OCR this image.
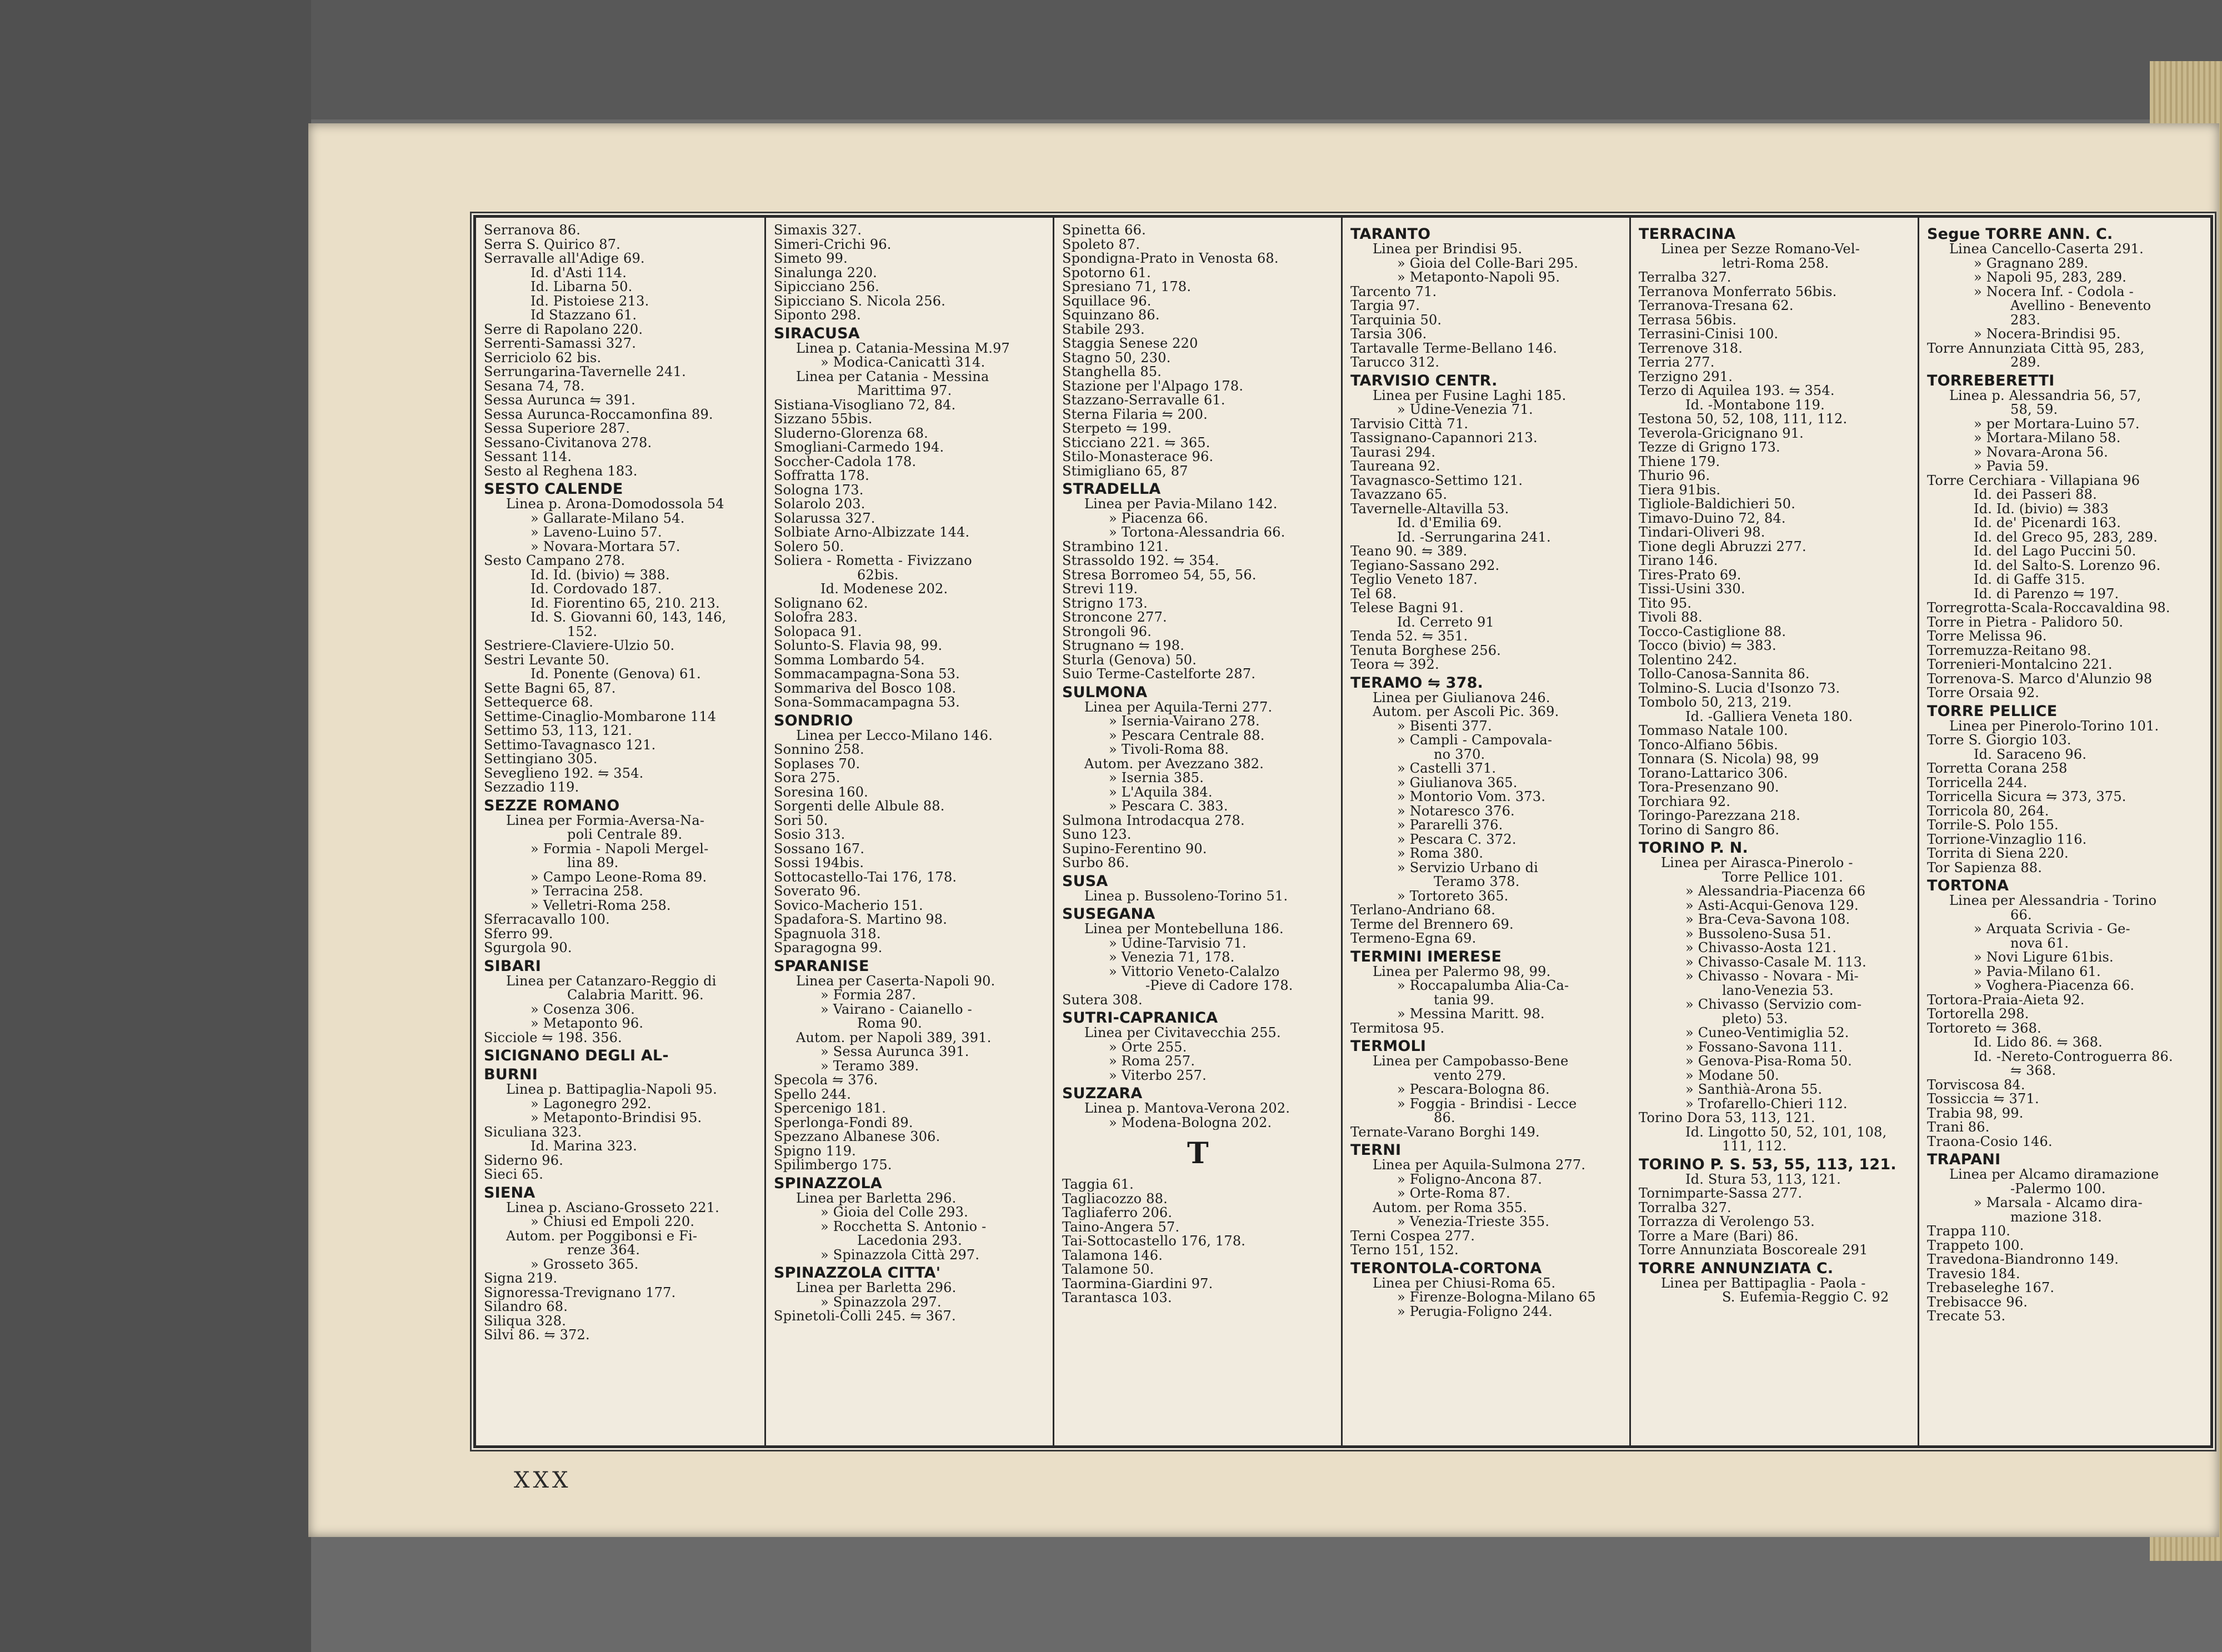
Serranova 86.
Serra S. Quirico 87.
Serravalle all'Adige 69.
Id. d'Asti 114.
Id. Libarna 50.
Id. Pistoiese 213.
Id Stazzano 61.
Serre di Rapolano 220.
Serrenti-Samassi 327.
Serriciolo 62 bis.
Serrungarina-Tavernelle 241.
Sesana 74, 78.
Sessa Aurunca ⇋ 391.
Sessa Aurunca-Roccamonfina 89.
Sessa Superiore 287.
Sessano-Civitanova 278.
Sessant 114.
Sesto al Reghena 183.
SESTO CALENDE
Linea p. Arona-Domodossola 54
» Gallarate-Milano 54.
» Laveno-Luino 57.
» Novara-Mortara 57.
Sesto Campano 278.
Id. Id. (bivio) ⇋ 388.
Id. Cordovado 187.
Id. Fiorentino 65, 210. 213.
Id. S. Giovanni 60, 143, 146,
152.
Sestriere-Claviere-Ulzio 50.
Sestri Levante 50.
Id. Ponente (Genova) 61.
Sette Bagni 65, 87.
Settequerce 68.
Settime-Cinaglio-Mombarone 114
Settimo 53, 113, 121.
Settimo-Tavagnasco 121.
Settingiano 305.
Seveglieno 192. ⇋ 354.
Sezzadio 119.
SEZZE ROMANO
Linea per Formia-Aversa-Na-
poli Centrale 89.
» Formia - Napoli Mergel-
lina 89.
» Campo Leone-Roma 89.
» Terracina 258.
» Velletri-Roma 258.
Sferracavallo 100.
Sferro 99.
Sgurgola 90.
SIBARI
Linea per Catanzaro-Reggio di
Calabria Maritt. 96.
» Cosenza 306.
» Metaponto 96.
Sicciole ⇋ 198. 356.
SICIGNANO DEGLI AL-
BURNI
Linea p. Battipaglia-Napoli 95.
» Lagonegro 292.
» Metaponto-Brindisi 95.
Siculiana 323.
Id. Marina 323.
Siderno 96.
Sieci 65.
SIENA
Linea p. Asciano-Grosseto 221.
» Chiusi ed Empoli 220.
Autom. per Poggibonsi e Fi-
renze 364.
» Grosseto 365.
Signa 219.
Signoressa-Trevignano 177.
Silandro 68.
Siliqua 328.
Silvi 86. ⇋ 372.
Simaxis 327.
Simeri-Crichi 96.
Simeto 99.
Sinalunga 220.
Sipicciano 256.
Sipicciano S. Nicola 256.
Siponto 298.
SIRACUSA
Linea p. Catania-Messina M.97
» Modica-Canicattì 314.
Linea per Catania - Messina
Marittima 97.
Sistiana-Visogliano 72, 84.
Sizzano 55bis.
Sluderno-Glorenza 68.
Smogliani-Carmedo 194.
Soccher-Cadola 178.
Soffratta 178.
Sologna 173.
Solarolo 203.
Solarussa 327.
Solbiate Arno-Albizzate 144.
Solero 50.
Soliera - Rometta - Fivizzano
62bis.
Id. Modenese 202.
Solignano 62.
Solofra 283.
Solopaca 91.
Solunto-S. Flavia 98, 99.
Somma Lombardo 54.
Sommacampagna-Sona 53.
Sommariva del Bosco 108.
Sona-Sommacampagna 53.
SONDRIO
Linea per Lecco-Milano 146.
Sonnino 258.
Soplases 70.
Sora 275.
Soresina 160.
Sorgenti delle Albule 88.
Sori 50.
Sosio 313.
Sossano 167.
Sossi 194bis.
Sottocastello-Tai 176, 178.
Soverato 96.
Sovico-Macherio 151.
Spadafora-S. Martino 98.
Spagnuola 318.
Sparagogna 99.
SPARANISE
Linea per Caserta-Napoli 90.
» Formia 287.
» Vairano - Caianello -
Roma 90.
Autom. per Napoli 389, 391.
» Sessa Aurunca 391.
» Teramo 389.
Specola ⇋ 376.
Spello 244.
Spercenigo 181.
Sperlonga-Fondi 89.
Spezzano Albanese 306.
Spigno 119.
Spilimbergo 175.
SPINAZZOLA
Linea per Barletta 296.
» Gioia del Colle 293.
» Rocchetta S. Antonio -
Lacedonia 293.
» Spinazzola Città 297.
SPINAZZOLA CITTA'
Linea per Barletta 296.
» Spinazzola 297.
Spinetoli-Colli 245. ⇋ 367.
Spinetta 66.
Spoleto 87.
Spondigna-Prato in Venosta 68.
Spotorno 61.
Spresiano 71, 178.
Squillace 96.
Squinzano 86.
Stabile 293.
Staggia Senese 220
Stagno 50, 230.
Stanghella 85.
Stazione per l'Alpago 178.
Stazzano-Serravalle 61.
Sterna Filaria ⇋ 200.
Sterpeto ⇋ 199.
Sticciano 221. ⇋ 365.
Stilo-Monasterace 96.
Stimigliano 65, 87
STRADELLA
Linea per Pavia-Milano 142.
» Piacenza 66.
» Tortona-Alessandria 66.
Strambino 121.
Strassoldo 192. ⇋ 354.
Stresa Borromeo 54, 55, 56.
Strevi 119.
Strigno 173.
Stroncone 277.
Strongoli 96.
Strugnano ⇋ 198.
Sturla (Genova) 50.
Suio Terme-Castelforte 287.
SULMONA
Linea per Aquila-Terni 277.
» Isernia-Vairano 278.
» Pescara Centrale 88.
» Tivoli-Roma 88.
Autom. per Avezzano 382.
» Isernia 385.
» L'Aquila 384.
» Pescara C. 383.
Sulmona Introdacqua 278.
Suno 123.
Supino-Ferentino 90.
Surbo 86.
SUSA
Linea p. Bussoleno-Torino 51.
SUSEGANA
Linea per Montebelluna 186.
» Udine-Tarvisio 71.
» Venezia 71, 178.
» Vittorio Veneto-Calalzo
-Pieve di Cadore 178.
Sutera 308.
SUTRI-CAPRANICA
Linea per Civitavecchia 255.
» Orte 255.
» Roma 257.
» Viterbo 257.
SUZZARA
Linea p. Mantova-Verona 202.
» Modena-Bologna 202.
T
Taggia 61.
Tagliacozzo 88.
Tagliaferro 206.
Taino-Angera 57.
Tai-Sottocastello 176, 178.
Talamona 146.
Talamone 50.
Taormina-Giardini 97.
Tarantasca 103.
TARANTO
Linea per Brindisi 95.
» Gioia del Colle-Bari 295.
» Metaponto-Napoli 95.
Tarcento 71.
Targia 97.
Tarquinia 50.
Tarsia 306.
Tartavalle Terme-Bellano 146.
Tarucco 312.
TARVISIO CENTR.
Linea per Fusine Laghi 185.
» Udine-Venezia 71.
Tarvisio Città 71.
Tassignano-Capannori 213.
Taurasi 294.
Taureana 92.
Tavagnasco-Settimo 121.
Tavazzano 65.
Tavernelle-Altavilla 53.
Id. d'Emilia 69.
Id. -Serrungarina 241.
Teano 90. ⇋ 389.
Tegiano-Sassano 292.
Teglio Veneto 187.
Tel 68.
Telese Bagni 91.
Id. Cerreto 91
Tenda 52. ⇋ 351.
Tenuta Borghese 256.
Teora ⇋ 392.
TERAMO ⇋ 378.
Linea per Giulianova 246.
Autom. per Ascoli Pic. 369.
» Bisenti 377.
» Campli - Campovala-
no 370.
» Castelli 371.
» Giulianova 365.
» Montorio Vom. 373.
» Notaresco 376.
» Pararelli 376.
» Pescara C. 372.
» Roma 380.
» Servizio Urbano di
Teramo 378.
» Tortoreto 365.
Terlano-Andriano 68.
Terme del Brennero 69.
Termeno-Egna 69.
TERMINI IMERESE
Linea per Palermo 98, 99.
» Roccapalumba Alia-Ca-
tania 99.
» Messina Maritt. 98.
Termitosa 95.
TERMOLI
Linea per Campobasso-Bene
vento 279.
» Pescara-Bologna 86.
» Foggia - Brindisi - Lecce
86.
Ternate-Varano Borghi 149.
TERNI
Linea per Aquila-Sulmona 277.
» Foligno-Ancona 87.
» Orte-Roma 87.
Autom. per Roma 355.
» Venezia-Trieste 355.
Terni Cospea 277.
Terno 151, 152.
TERONTOLA-CORTONA
Linea per Chiusi-Roma 65.
» Firenze-Bologna-Milano 65
» Perugia-Foligno 244.
TERRACINA
Linea per Sezze Romano-Vel-
letri-Roma 258.
Terralba 327.
Terranova Monferrato 56bis.
Terranova-Tresana 62.
Terrasa 56bis.
Terrasini-Cinisi 100.
Terrenove 318.
Terria 277.
Terzigno 291.
Terzo di Aquilea 193. ⇋ 354.
Id. -Montabone 119.
Testona 50, 52, 108, 111, 112.
Teverola-Gricignano 91.
Tezze di Grigno 173.
Thiene 179.
Thurio 96.
Tiera 91bis.
Tigliole-Baldichieri 50.
Timavo-Duino 72, 84.
Tindari-Oliveri 98.
Tione degli Abruzzi 277.
Tirano 146.
Tires-Prato 69.
Tissi-Usini 330.
Tito 95.
Tivoli 88.
Tocco-Castiglione 88.
Tocco (bivio) ⇋ 383.
Tolentino 242.
Tollo-Canosa-Sannita 86.
Tolmino-S. Lucia d'Isonzo 73.
Tombolo 50, 213, 219.
Id. -Galliera Veneta 180.
Tommaso Natale 100.
Tonco-Alfiano 56bis.
Tonnara (S. Nicola) 98, 99
Torano-Lattarico 306.
Tora-Presenzano 90.
Torchiara 92.
Toringo-Parezzana 218.
Torino di Sangro 86.
TORINO P. N.
Linea per Airasca-Pinerolo -
Torre Pellice 101.
» Alessandria-Piacenza 66
» Asti-Acqui-Genova 129.
» Bra-Ceva-Savona 108.
» Bussoleno-Susa 51.
» Chivasso-Aosta 121.
» Chivasso-Casale M. 113.
» Chivasso - Novara - Mi-
lano-Venezia 53.
» Chivasso (Servizio com-
pleto) 53.
» Cuneo-Ventimiglia 52.
» Fossano-Savona 111.
» Genova-Pisa-Roma 50.
» Modane 50.
» Santhià-Arona 55.
» Trofarello-Chieri 112.
Torino Dora 53, 113, 121.
Id. Lingotto 50, 52, 101, 108,
111, 112.
TORINO P. S. 53, 55, 113, 121.
Id. Stura 53, 113, 121.
Tornimparte-Sassa 277.
Torralba 327.
Torrazza di Verolengo 53.
Torre a Mare (Bari) 86.
Torre Annunziata Boscoreale 291
TORRE ANNUNZIATA C.
Linea per Battipaglia - Paola -
S. Eufemia-Reggio C. 92
Segue TORRE ANN. C.
Linea Cancello-Caserta 291.
» Gragnano 289.
» Napoli 95, 283, 289.
» Nocera Inf. - Codola -
Avellino - Benevento
283.
» Nocera-Brindisi 95.
Torre Annunziata Città 95, 283,
289.
TORREBERETTI
Linea p. Alessandria 56, 57,
58, 59.
» per Mortara-Luino 57.
» Mortara-Milano 58.
» Novara-Arona 56.
» Pavia 59.
Torre Cerchiara - Villapiana 96
Id. dei Passeri 88.
Id. Id. (bivio) ⇋ 383
Id. de' Picenardi 163.
Id. del Greco 95, 283, 289.
Id. del Lago Puccini 50.
Id. del Salto-S. Lorenzo 96.
Id. di Gaffe 315.
Id. di Parenzo ⇋ 197.
Torregrotta-Scala-Roccavaldina 98.
Torre in Pietra - Palidoro 50.
Torre Melissa 96.
Torremuzza-Reitano 98.
Torrenieri-Montalcino 221.
Torrenova-S. Marco d'Alunzio 98
Torre Orsaia 92.
TORRE PELLICE
Linea per Pinerolo-Torino 101.
Torre S. Giorgio 103.
Id. Saraceno 96.
Torretta Corana 258
Torricella 244.
Torricella Sicura ⇋ 373, 375.
Torricola 80, 264.
Torrile-S. Polo 155.
Torrione-Vinzaglio 116.
Torrita di Siena 220.
Tor Sapienza 88.
TORTONA
Linea per Alessandria - Torino
66.
» Arquata Scrivia - Ge-
nova 61.
» Novi Ligure 61bis.
» Pavia-Milano 61.
» Voghera-Piacenza 66.
Tortora-Praia-Aieta 92.
Tortorella 298.
Tortoreto ⇋ 368.
Id. Lido 86. ⇋ 368.
Id. -Nereto-Controguerra 86.
⇋ 368.
Torviscosa 84.
Tossiccia ⇋ 371.
Trabia 98, 99.
Trani 86.
Traona-Cosio 146.
TRAPANI
Linea per Alcamo diramazione
-Palermo 100.
» Marsala - Alcamo dira-
mazione 318.
Trappa 110.
Trappeto 100.
Travedona-Biandronno 149.
Travesio 184.
Trebaseleghe 167.
Trebisacce 96.
Trecate 53.
XXX
